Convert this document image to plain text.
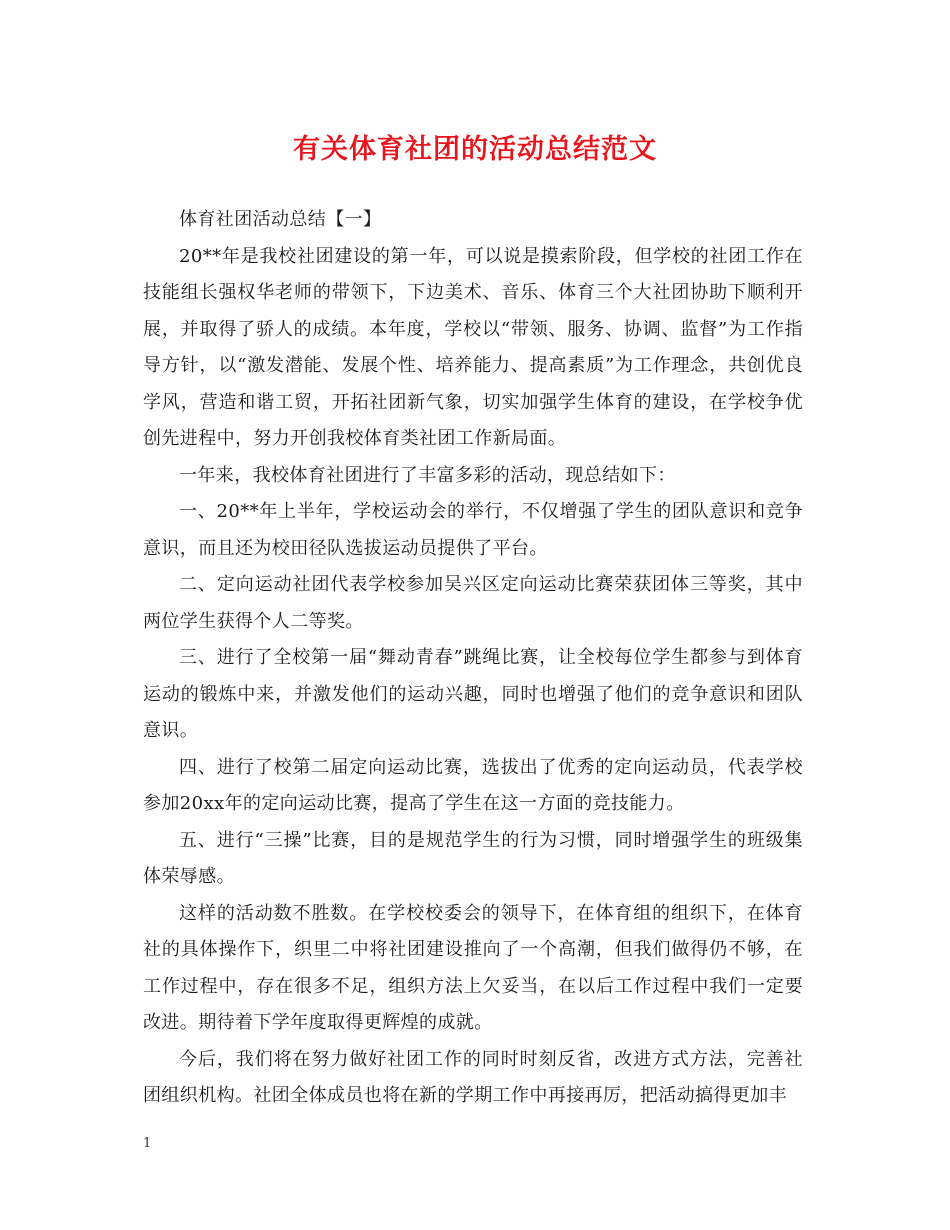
有关体育社团的活动总结范文

体育社团活动总结【一】

20**年是我校社团建设的第一年，可以说是摸索阶段，但学校的社团工作在技能组长强权华老师的带领下，下边美术、音乐、体育三个大社团协助下顺利开展，并取得了骄人的成绩。本年度，学校以“带领、服务、协调、监督”为工作指导方针，以“激发潜能、发展个性、培养能力、提高素质”为工作理念，共创优良学风，营造和谐工贸，开拓社团新气象，切实加强学生体育的建设，在学校争优创先进程中，努力开创我校体育类社团工作新局面。

一年来，我校体育社团进行了丰富多彩的活动，现总结如下：

一、20**年上半年，学校运动会的举行，不仅增强了学生的团队意识和竞争意识，而且还为校田径队选拔运动员提供了平台。

二、定向运动社团代表学校参加吴兴区定向运动比赛荣获团体三等奖，其中两位学生获得个人二等奖。

三、进行了全校第一届“舞动青春”跳绳比赛，让全校每位学生都参与到体育运动的锻炼中来，并激发他们的运动兴趣，同时也增强了他们的竞争意识和团队意识。

四、进行了校第二届定向运动比赛，选拔出了优秀的定向运动员，代表学校参加20xx年的定向运动比赛，提高了学生在这一方面的竞技能力。

五、进行“三操”比赛，目的是规范学生的行为习惯，同时增强学生的班级集体荣辱感。

这样的活动数不胜数。在学校校委会的领导下，在体育组的组织下，在体育社的具体操作下，织里二中将社团建设推向了一个高潮，但我们做得仍不够，在工作过程中，存在很多不足，组织方法上欠妥当，在以后工作过程中我们一定要改进。期待着下学年度取得更辉煌的成就。

今后，我们将在努力做好社团工作的同时时刻反省，改进方式方法，完善社团组织机构。社团全体成员也将在新的学期工作中再接再厉，把活动搞得更加丰

1
